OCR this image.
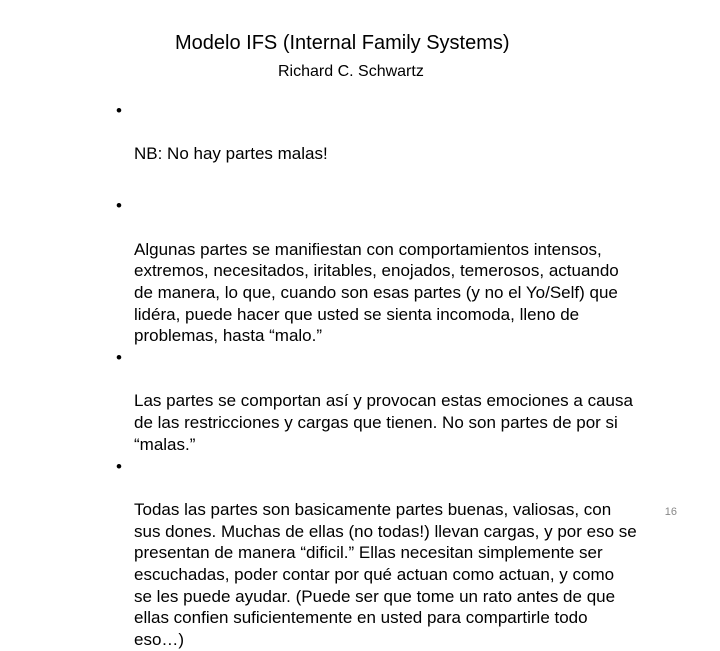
Modelo IFS (Internal Family Systems)
Richard C. Schwartz

•

NB: No hay partes malas!

•

Algunas partes se manifiestan con comportamientos intensos,
extremos, necesitados, iritables, enojados, temerosos, actuando
de manera, lo que, cuando son esas partes (y no el Yo/Self) que
lidéra, puede hacer que usted se sienta incomoda, lleno de
problemas, hasta “malo.”

•

Las partes se comportan así y provocan estas emociones a causa
de las restricciones y cargas que tienen. No son partes de por si
“malas.”

•

Todas las partes son basicamente partes buenas, valiosas, con
sus dones. Muchas de ellas (no todas!) llevan cargas, y por eso se
presentan de manera “dificil.” Ellas necesitan simplemente ser
escuchadas, poder contar por qué actuan como actuan, y como
se les puede ayudar. (Puede ser que tome un rato antes de que
ellas confien suficientemente en usted para compartirle todo
eso…)

16
